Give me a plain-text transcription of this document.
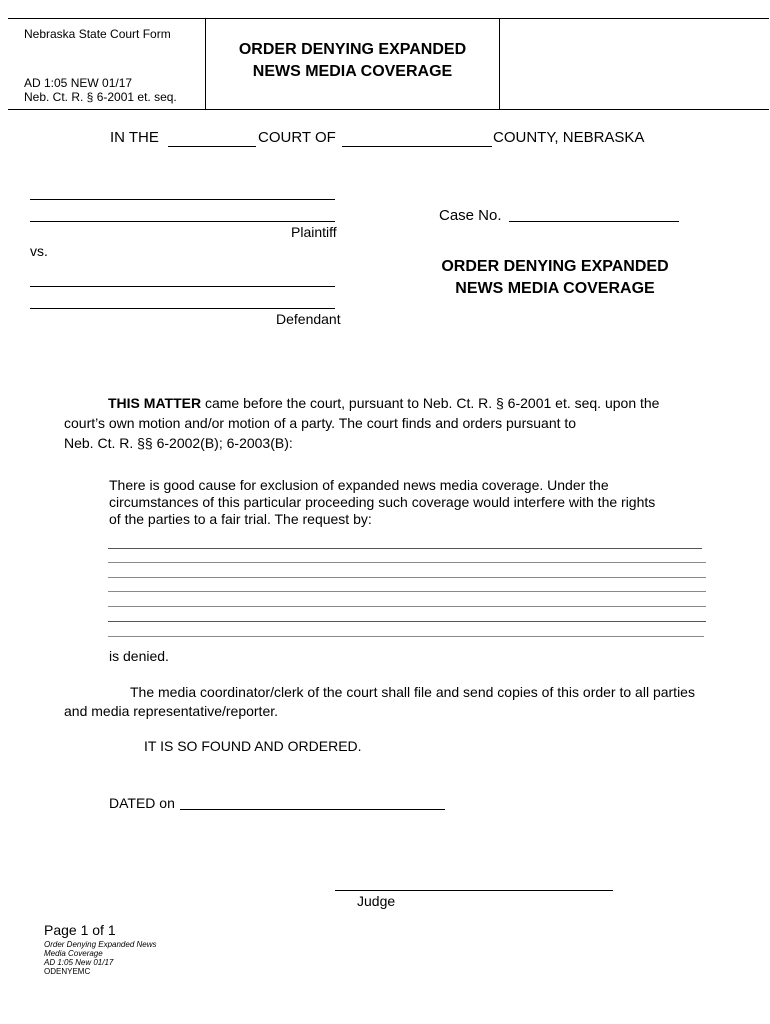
Nebraska State Court Form
AD 1:05 NEW 01/17
Neb. Ct. R. § 6-2001 et. seq.
ORDER DENYING EXPANDED
NEWS MEDIA COVERAGE
IN THE	COURT OF	COUNTY, NEBRASKA
Plaintiff
vs.
Defendant
Case No.
ORDER DENYING EXPANDED
NEWS MEDIA COVERAGE
THIS MATTER came before the court, pursuant to Neb. Ct. R. § 6-2001 et. seq. upon the
court’s own motion and/or motion of a party. The court finds and orders pursuant to
Neb. Ct. R. §§ 6-2002(B); 6-2003(B):
There is good cause for exclusion of expanded news media coverage. Under the
circumstances of this particular proceeding such coverage would interfere with the rights
of the parties to a fair trial. The request by:
is denied.
The media coordinator/clerk of the court shall file and send copies of this order to all parties
and media representative/reporter.
IT IS SO FOUND AND ORDERED.
DATED on
Judge
Page 1 of 1
Order Denying Expanded News
Media Coverage
AD 1:05 New 01/17
ODENYEMC
